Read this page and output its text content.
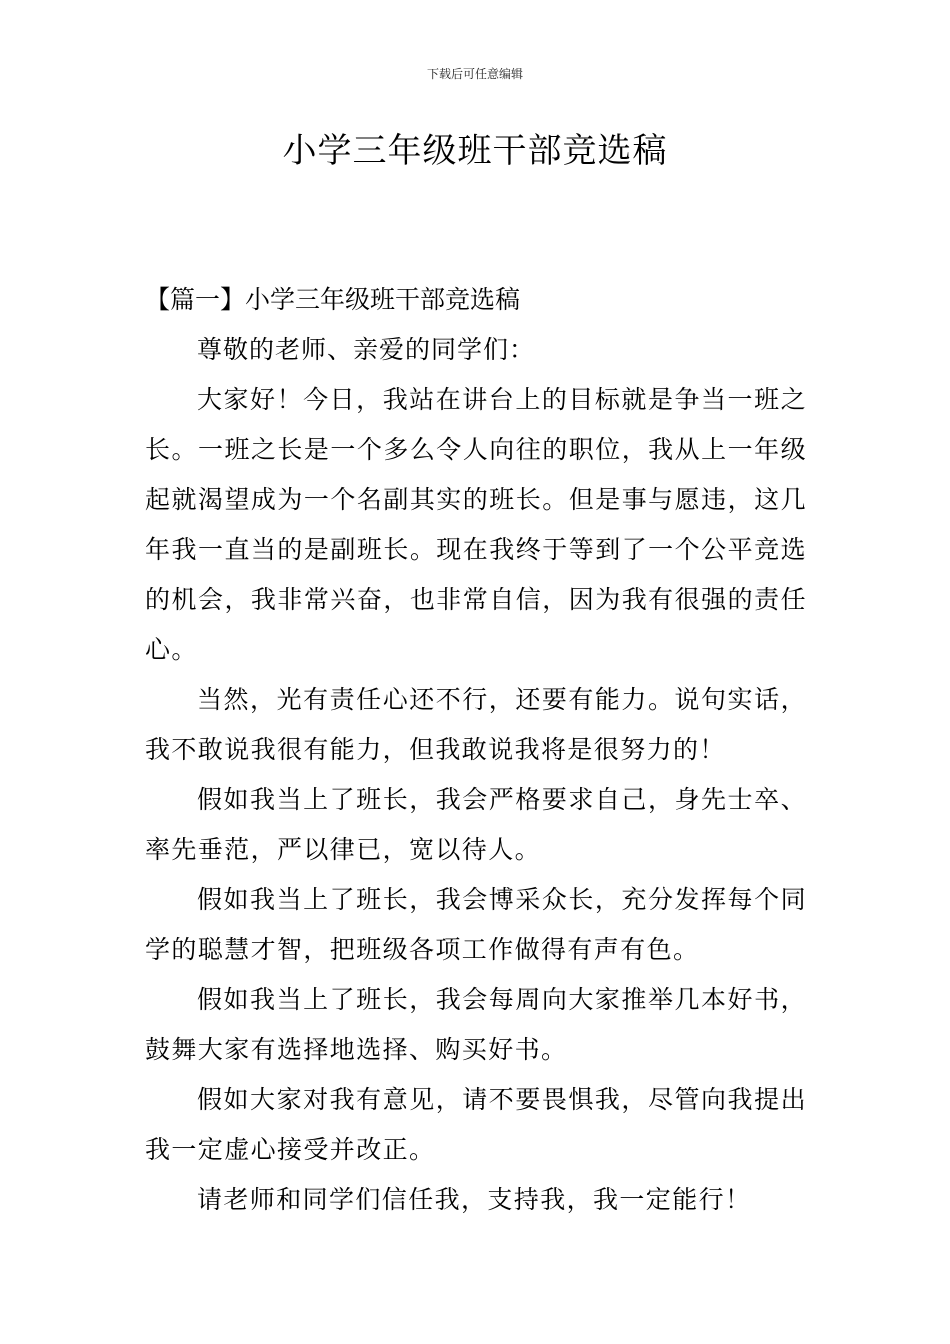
下载后可任意编辑
小学三年级班干部竞选稿

【篇一】小学三年级班干部竞选稿

尊敬的老师、亲爱的同学们：

大家好！今日，我站在讲台上的目标就是争当一班之长。一班之长是一个多么令人向往的职位，我从上一年级起就渴望成为一个名副其实的班长。但是事与愿违，这几年我一直当的是副班长。现在我终于等到了一个公平竞选的机会，我非常兴奋，也非常自信，因为我有很强的责任心。

当然，光有责任心还不行，还要有能力。说句实话，我不敢说我很有能力，但我敢说我将是很努力的！

假如我当上了班长，我会严格要求自己，身先士卒、率先垂范，严以律已，宽以待人。

假如我当上了班长，我会博采众长，充分发挥每个同学的聪慧才智，把班级各项工作做得有声有色。

假如我当上了班长，我会每周向大家推举几本好书，鼓舞大家有选择地选择、购买好书。

假如大家对我有意见，请不要畏惧我，尽管向我提出我一定虚心接受并改正。

请老师和同学们信任我，支持我，我一定能行！
